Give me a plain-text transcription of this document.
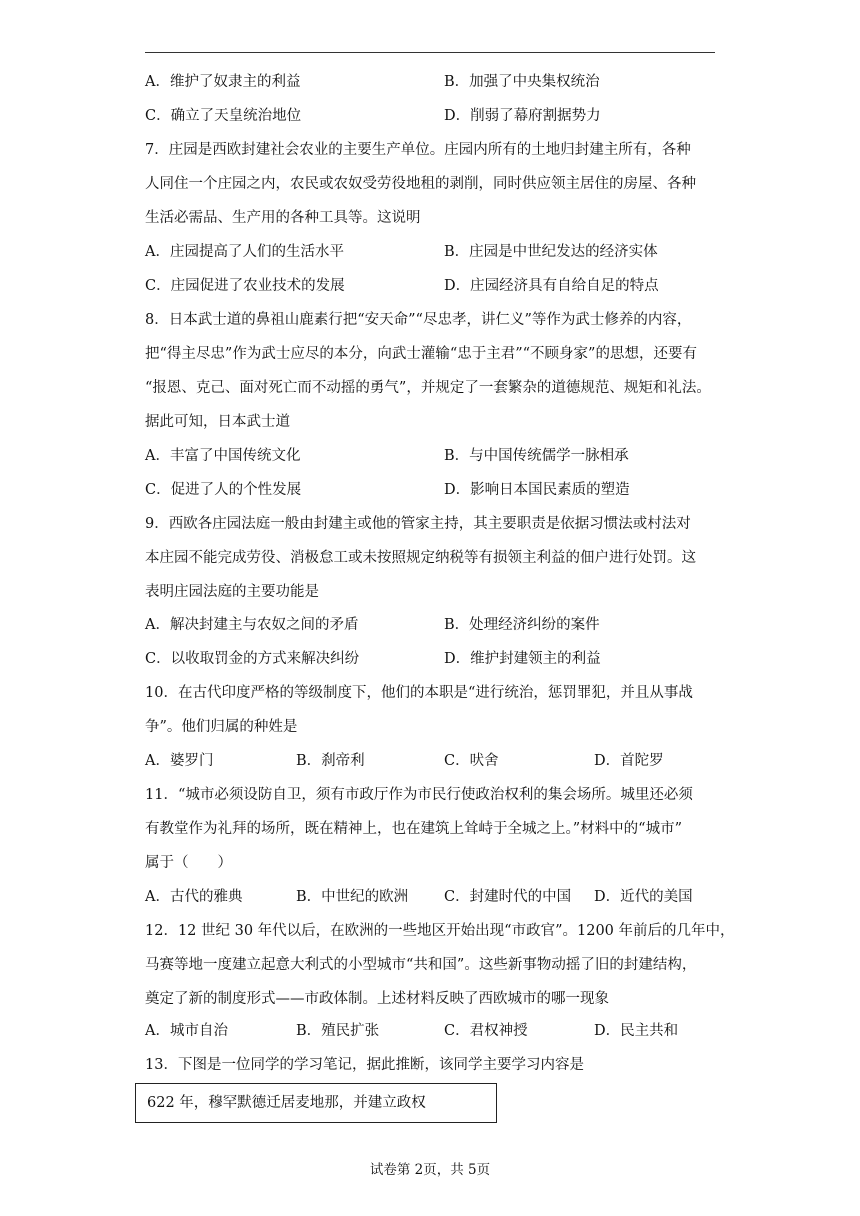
A．维护了奴隶主的利益	B．加强了中央集权统治
C．确立了天皇统治地位	D．削弱了幕府割据势力
7．庄园是西欧封建社会农业的主要生产单位。庄园内所有的土地归封建主所有，各种
人同住一个庄园之内，农民或农奴受劳役地租的剥削，同时供应领主居住的房屋、各种
生活必需品、生产用的各种工具等。这说明
A．庄园提高了人们的生活水平	B．庄园是中世纪发达的经济实体
C．庄园促进了农业技术的发展	D．庄园经济具有自给自足的特点
8．日本武士道的鼻祖山鹿素行把“安天命”“尽忠孝，讲仁义”等作为武士修养的内容，
把“得主尽忠”作为武士应尽的本分，向武士灌输“忠于主君”“不顾身家”的思想，还要有
“报恩、克己、面对死亡而不动摇的勇气”，并规定了一套繁杂的道德规范、规矩和礼法。
据此可知，日本武士道
A．丰富了中国传统文化	B．与中国传统儒学一脉相承
C．促进了人的个性发展	D．影响日本国民素质的塑造
9．西欧各庄园法庭一般由封建主或他的管家主持，其主要职责是依据习惯法或村法对
本庄园不能完成劳役、消极怠工或未按照规定纳税等有损领主利益的佃户进行处罚。这
表明庄园法庭的主要功能是
A．解决封建主与农奴之间的矛盾	B．处理经济纠纷的案件
C．以收取罚金的方式来解决纠纷	D．维护封建领主的利益
10．在古代印度严格的等级制度下，他们的本职是“进行统治，惩罚罪犯，并且从事战
争”。他们归属的种姓是
A．婆罗门	B．刹帝利	C．吠舍	D．首陀罗
11．“城市必须设防自卫，须有市政厅作为市民行使政治权利的集会场所。城里还必须
有教堂作为礼拜的场所，既在精神上，也在建筑上耸峙于全城之上。”材料中的“城市”
属于（　　）
A．古代的雅典	B．中世纪的欧洲 C．封建时代的中国 D．近代的美国
12．12 世纪 30 年代以后，在欧洲的一些地区开始出现“市政官”。1200 年前后的几年中，
马赛等地一度建立起意大利式的小型城市“共和国”。这些新事物动摇了旧的封建结构，
奠定了新的制度形式——市政体制。上述材料反映了西欧城市的哪一现象
A．城市自治	B．殖民扩张	C．君权神授	D．民主共和
13．下图是一位同学的学习笔记，据此推断，该同学主要学习内容是
622 年，穆罕默德迁居麦地那，并建立政权
试卷第 2页，共 5页
